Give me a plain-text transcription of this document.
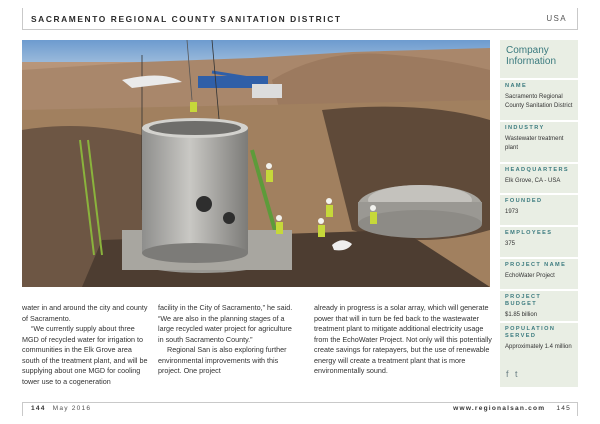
SACRAMENTO REGIONAL COUNTY SANITATION DISTRICT	USA

water in and around the city and county of Sacramento.

“We currently supply about three MGD of recycled water for irrigation to communities in the Elk Grove area south of the treatment plant, and will be supplying about one MGD for cooling tower use to a cogeneration

facility in the City of Sacramento,” he said. “We are also in the planning stages of a large recycled water project for agriculture in south Sacramento County.”

Regional San is also exploring further environmental improvements with this project. One project

already in progress is a solar array, which will generate power that will in turn be fed back to the wastewater treatment plant to mitigate additional electricity usage from the EchoWater Project. Not only will this potentially create savings for ratepayers, but the use of renewable energy will create a treatment plant that is more environmentally sound.

Company Information
NAME
Sacramento Regional County Sanitation District
INDUSTRY
Wastewater treatment plant
HEADQUARTERS
Elk Grove, CA - USA
FOUNDED
1973
EMPLOYEES
375
PROJECT NAME
EchoWater Project
PROJECT BUDGET
$1.85 billion
POPULATION SERVED
Approximately 1.4 million
f t
144 May 2016	www.regionalsan.com 145
